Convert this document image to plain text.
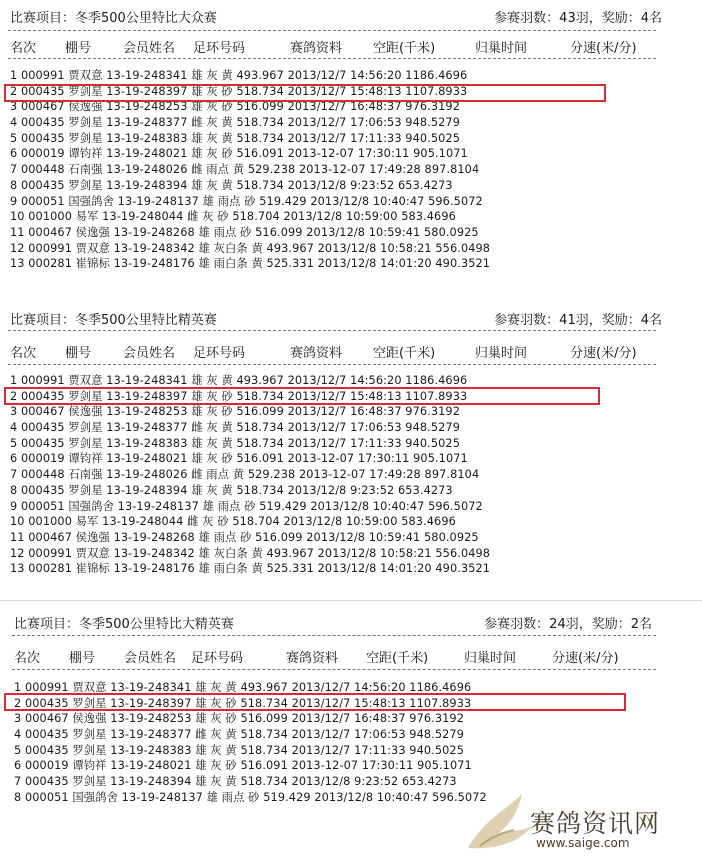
比赛项目：冬季500公里特比大众赛	参赛羽数：43羽，奖励：4名
名次 棚号 会员姓名 足环号码	赛鸽资料 空距(千米)	归巢时间	分速(米/分)
1 000991 贾双意 13-19-248341 雄 灰 黄 493.967 2013/12/7 14:56:20 1186.4696
2 000435 罗剑星 13-19-248397 雄 灰 砂 518.734 2013/12/7 15:48:13 1107.8933
3 000467 侯逸强 13-19-248253 雄 灰 砂 516.099 2013/12/7 16:48:37 976.3192
4 000435 罗剑星 13-19-248377 雌 灰 黄 518.734 2013/12/7 17:06:53 948.5279
5 000435 罗剑星 13-19-248383 雄 灰 黄 518.734 2013/12/7 17:11:33 940.5025
6 000019 谭钧祥 13-19-248021 雄 灰 砂 516.091 2013-12-07 17:30:11 905.1071
7 000448 石南强 13-19-248026 雌 雨点 黄 529.238 2013-12-07 17:49:28 897.8104
8 000435 罗剑星 13-19-248394 雄 灰 黄 518.734 2013/12/8 9:23:52 653.4273
9 000051 国强鸽舍 13-19-248137 雄 雨点 砂 519.429 2013/12/8 10:40:47 596.5072
10 001000 易军 13-19-248044 雌 灰 砂 518.704 2013/12/8 10:59:00 583.4696
11 000467 侯逸强 13-19-248268 雄 雨点 砂 516.099 2013/12/8 10:59:41 580.0925
12 000991 贾双意 13-19-248342 雄 灰白条 黄 493.967 2013/12/8 10:58:21 556.0498
13 000281 崔锦标 13-19-248176 雄 雨白条 黄 525.331 2013/12/8 14:01:20 490.3521
比赛项目：冬季500公里特比精英赛	参赛羽数：41羽，奖励：4名
名次 棚号 会员姓名 足环号码	赛鸽资料 空距(千米)	归巢时间	分速(米/分)
1 000991 贾双意 13-19-248341 雄 灰 黄 493.967 2013/12/7 14:56:20 1186.4696
2 000435 罗剑星 13-19-248397 雄 灰 砂 518.734 2013/12/7 15:48:13 1107.8933
3 000467 侯逸强 13-19-248253 雄 灰 砂 516.099 2013/12/7 16:48:37 976.3192
4 000435 罗剑星 13-19-248377 雌 灰 黄 518.734 2013/12/7 17:06:53 948.5279
5 000435 罗剑星 13-19-248383 雄 灰 黄 518.734 2013/12/7 17:11:33 940.5025
6 000019 谭钧祥 13-19-248021 雄 灰 砂 516.091 2013-12-07 17:30:11 905.1071
7 000448 石南强 13-19-248026 雌 雨点 黄 529.238 2013-12-07 17:49:28 897.8104
8 000435 罗剑星 13-19-248394 雄 灰 黄 518.734 2013/12/8 9:23:52 653.4273
9 000051 国强鸽舍 13-19-248137 雄 雨点 砂 519.429 2013/12/8 10:40:47 596.5072
10 001000 易军 13-19-248044 雌 灰 砂 518.704 2013/12/8 10:59:00 583.4696
11 000467 侯逸强 13-19-248268 雄 雨点 砂 516.099 2013/12/8 10:59:41 580.0925
12 000991 贾双意 13-19-248342 雄 灰白条 黄 493.967 2013/12/8 10:58:21 556.0498
13 000281 崔锦标 13-19-248176 雄 雨白条 黄 525.331 2013/12/8 14:01:20 490.3521
比赛项目：冬季500公里特比大精英赛	参赛羽数：24羽，奖励：2名
名次 棚号 会员姓名 足环号码	赛鸽资料 空距(千米)	归巢时间	分速(米/分)
1 000991 贾双意 13-19-248341 雄 灰 黄 493.967 2013/12/7 14:56:20 1186.4696
2 000435 罗剑星 13-19-248397 雄 灰 砂 518.734 2013/12/7 15:48:13 1107.8933
3 000467 侯逸强 13-19-248253 雄 灰 砂 516.099 2013/12/7 16:48:37 976.3192
4 000435 罗剑星 13-19-248377 雌 灰 黄 518.734 2013/12/7 17:06:53 948.5279
5 000435 罗剑星 13-19-248383 雄 灰 黄 518.734 2013/12/7 17:11:33 940.5025
6 000019 谭钧祥 13-19-248021 雄 灰 砂 516.091 2013-12-07 17:30:11 905.1071
7 000435 罗剑星 13-19-248394 雄 灰 黄 518.734 2013/12/8 9:23:52 653.4273
8 000051 国强鸽舍 13-19-248137 雄 雨点 砂 519.429 2013/12/8 10:40:47 596.5072
赛鸽资讯网
www.saige.com
